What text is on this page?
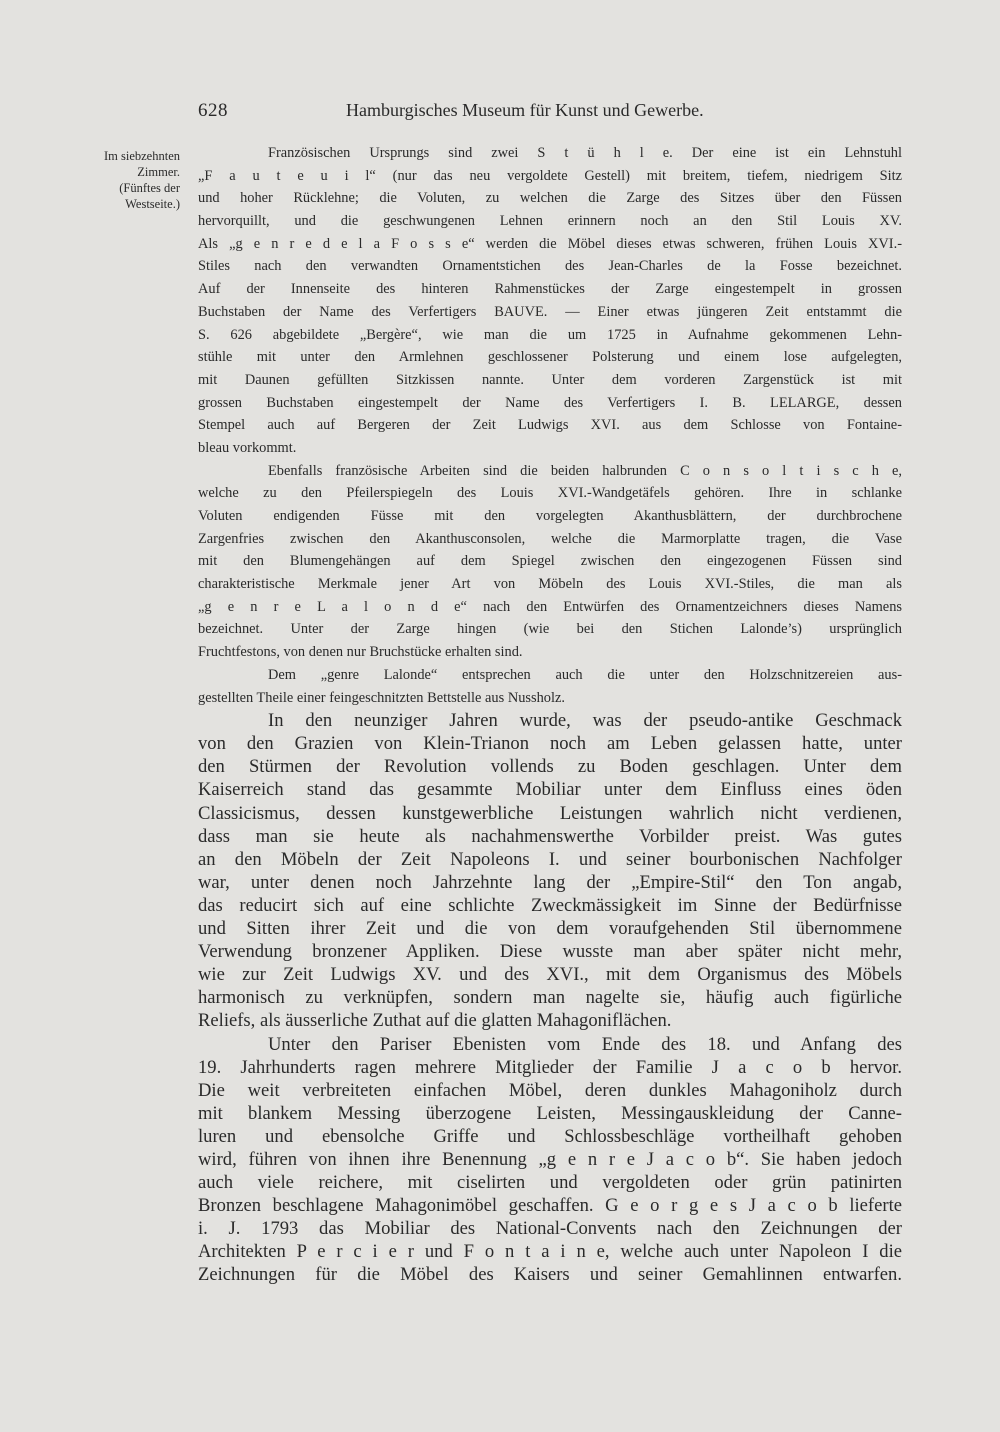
628	Hamburgisches Museum für Kunst und Gewerbe.
Im siebzehnten
Zimmer.
(Fünftes der
Westseite.)
Französischen Ursprungs sind zwei S t ü h l e. Der eine ist ein Lehnstuhl
„F a u t e u i l“ (nur das neu vergoldete Gestell) mit breitem, tiefem, niedrigem Sitz
und hoher Rücklehne; die Voluten, zu welchen die Zarge des Sitzes über den Füssen
hervorquillt, und die geschwungenen Lehnen erinnern noch an den Stil Louis XV.
Als „g e n r e d e l a F o s s e“ werden die Möbel dieses etwas schweren, frühen Louis XVI.-
Stiles nach den verwandten Ornamentstichen des Jean-Charles de la Fosse bezeichnet.
Auf der Innenseite des hinteren Rahmenstückes der Zarge eingestempelt in grossen
Buchstaben der Name des Verfertigers BAUVE. — Einer etwas jüngeren Zeit entstammt die
S. 626 abgebildete „Bergère“, wie man die um 1725 in Aufnahme gekommenen Lehn-
stühle mit unter den Armlehnen geschlossener Polsterung und einem lose aufgelegten,
mit Daunen gefüllten Sitzkissen nannte. Unter dem vorderen Zargenstück ist mit
grossen Buchstaben eingestempelt der Name des Verfertigers I. B. LELARGE, dessen
Stempel auch auf Bergeren der Zeit Ludwigs XVI. aus dem Schlosse von Fontaine-
bleau vorkommt.
Ebenfalls französische Arbeiten sind die beiden halbrunden C o n s o l t i s c h e,
welche zu den Pfeilerspiegeln des Louis XVI.-Wandgetäfels gehören. Ihre in schlanke
Voluten endigenden Füsse mit den vorgelegten Akanthusblättern, der durchbrochene
Zargenfries zwischen den Akanthusconsolen, welche die Marmorplatte tragen, die Vase
mit den Blumengehängen auf dem Spiegel zwischen den eingezogenen Füssen sind
charakteristische Merkmale jener Art von Möbeln des Louis XVI.-Stiles, die man als
„g e n r e L a l o n d e“ nach den Entwürfen des Ornamentzeichners dieses Namens
bezeichnet. Unter der Zarge hingen (wie bei den Stichen Lalonde’s) ursprünglich
Fruchtfestons, von denen nur Bruchstücke erhalten sind.
Dem „genre Lalonde“ entsprechen auch die unter den Holzschnitzereien aus-
gestellten Theile einer feingeschnitzten Bettstelle aus Nussholz.
In den neunziger Jahren wurde, was der pseudo-antike Geschmack
von den Grazien von Klein-Trianon noch am Leben gelassen hatte, unter
den Stürmen der Revolution vollends zu Boden geschlagen. Unter dem
Kaiserreich stand das gesammte Mobiliar unter dem Einfluss eines öden
Classicismus, dessen kunstgewerbliche Leistungen wahrlich nicht verdienen,
dass man sie heute als nachahmenswerthe Vorbilder preist. Was gutes
an den Möbeln der Zeit Napoleons I. und seiner bourbonischen Nachfolger
war, unter denen noch Jahrzehnte lang der „Empire-Stil“ den Ton angab,
das reducirt sich auf eine schlichte Zweckmässigkeit im Sinne der Bedürfnisse
und Sitten ihrer Zeit und die von dem voraufgehenden Stil übernommene
Verwendung bronzener Appliken. Diese wusste man aber später nicht mehr,
wie zur Zeit Ludwigs XV. und des XVI., mit dem Organismus des Möbels
harmonisch zu verknüpfen, sondern man nagelte sie, häufig auch figürliche
Reliefs, als äusserliche Zuthat auf die glatten Mahagoniflächen.
Unter den Pariser Ebenisten vom Ende des 18. und Anfang des
19. Jahrhunderts ragen mehrere Mitglieder der Familie J a c o b hervor.
Die weit verbreiteten einfachen Möbel, deren dunkles Mahagoniholz durch
mit blankem Messing überzogene Leisten, Messingauskleidung der Canne-
luren und ebensolche Griffe und Schlossbeschläge vortheilhaft gehoben
wird, führen von ihnen ihre Benennung „g e n r e J a c o b“. Sie haben jedoch
auch viele reichere, mit ciselirten und vergoldeten oder grün patinirten
Bronzen beschlagene Mahagonimöbel geschaffen. G e o r g e s J a c o b lieferte
i. J. 1793 das Mobiliar des National-Convents nach den Zeichnungen der
Architekten P e r c i e r und F o n t a i n e, welche auch unter Napoleon I die
Zeichnungen für die Möbel des Kaisers und seiner Gemahlinnen entwarfen.
